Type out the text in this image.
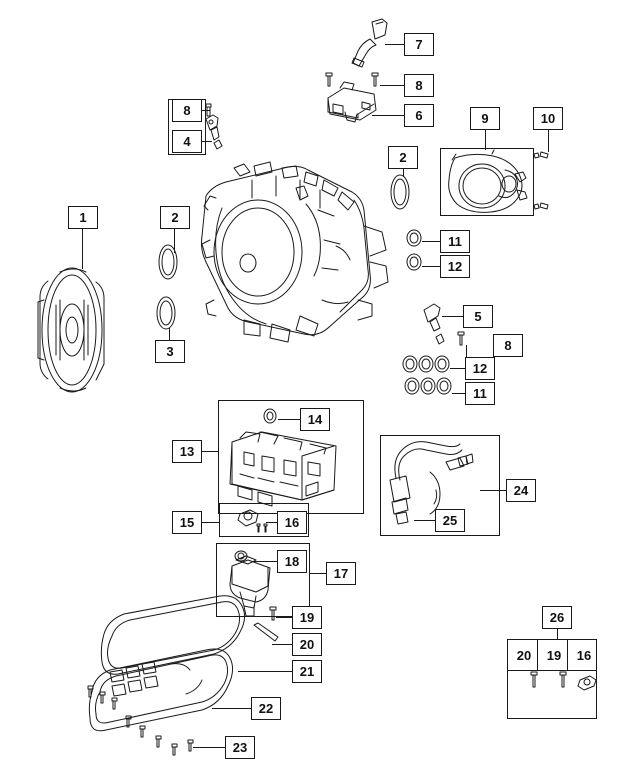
1	2
3
8
4
7
8
6
2
9	10
11
12
5
8
12
11
14
13
24
25
15	16
18
17
19
20
21
22
23
26
20	19	16
